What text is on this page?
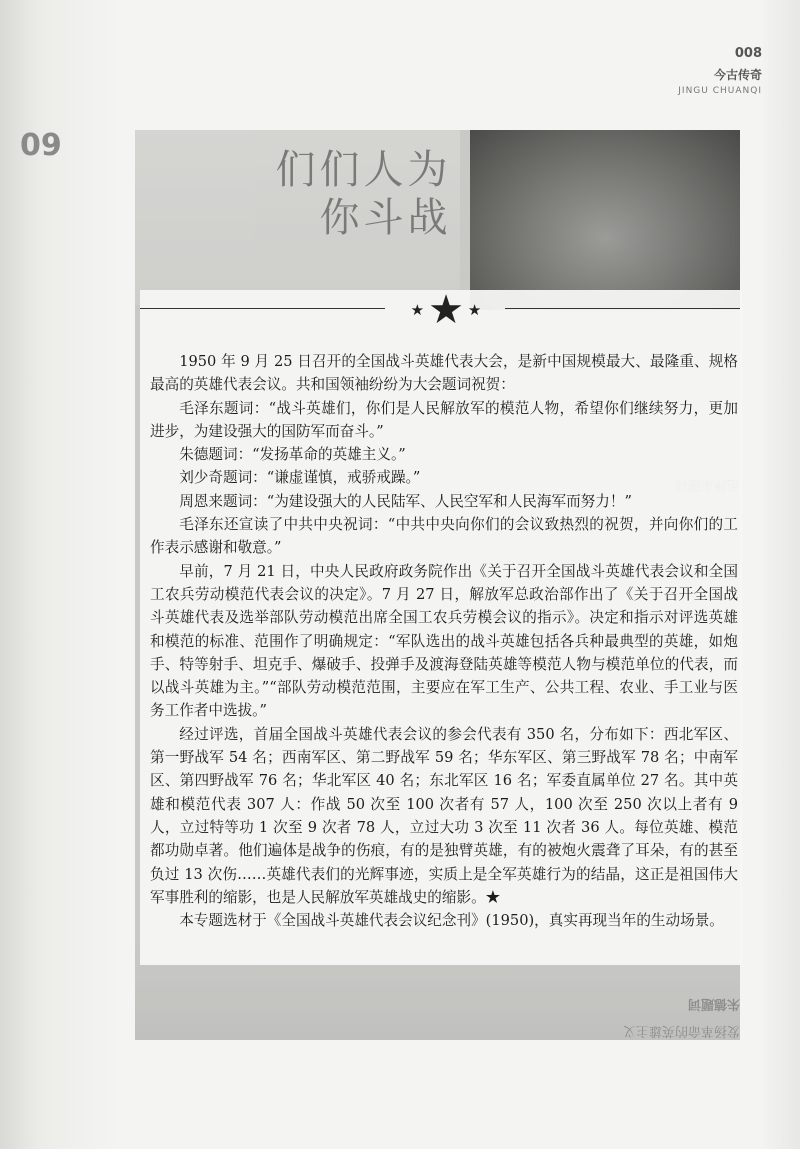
008
今古传奇
JINGU CHUANQI
09
为战人斗们你们
朱德题词
发扬革命的英雄主义
★ ★ ★

1950 年 9 月 25 日召开的全国战斗英雄代表大会，是新中国规模最大、最隆重、规格最高的英雄代表会议。共和国领袖纷纷为大会题词祝贺：

毛泽东题词：“战斗英雄们，你们是人民解放军的模范人物，希望你们继续努力，更加进步，为建设强大的国防军而奋斗。”

朱德题词：“发扬革命的英雄主义。”

刘少奇题词：“谦虚谨慎，戒骄戒躁。”

周恩来题词：“为建设强大的人民陆军、人民空军和人民海军而努力！”

毛泽东还宣读了中共中央祝词：“中共中央向你们的会议致热烈的祝贺，并向你们的工作表示感谢和敬意。”

早前，7 月 21 日，中央人民政府政务院作出《关于召开全国战斗英雄代表会议和全国工农兵劳动模范代表会议的决定》。7 月 27 日，解放军总政治部作出了《关于召开全国战斗英雄代表及选举部队劳动模范出席全国工农兵劳模会议的指示》。决定和指示对评选英雄和模范的标准、范围作了明确规定：“军队选出的战斗英雄包括各兵种最典型的英雄，如炮手、特等射手、坦克手、爆破手、投弹手及渡海登陆英雄等模范人物与模范单位的代表，而以战斗英雄为主。”“部队劳动模范范围，主要应在军工生产、公共工程、农业、手工业与医务工作者中选拔。”

经过评选，首届全国战斗英雄代表会议的参会代表有 350 名，分布如下：西北军区、第一野战军 54 名；西南军区、第二野战军 59 名；华东军区、第三野战军 78 名；中南军区、第四野战军 76 名；华北军区 40 名；东北军区 16 名；军委直属单位 27 名。其中英雄和模范代表 307 人：作战 50 次至 100 次者有 57 人，100 次至 250 次以上者有 9 人，立过特等功 1 次至 9 次者 78 人，立过大功 3 次至 11 次者 36 人。每位英雄、模范都功勋卓著。他们遍体是战争的伤痕，有的是独臂英雄，有的被炮火震聋了耳朵，有的甚至负过 13 次伤……英雄代表们的光辉事迹，实质上是全军英雄行为的结晶，这正是祖国伟大军事胜利的缩影，也是人民解放军英雄战史的缩影。★

本专题选材于《全国战斗英雄代表会议纪念刊》(1950)，真实再现当年的生动场景。
